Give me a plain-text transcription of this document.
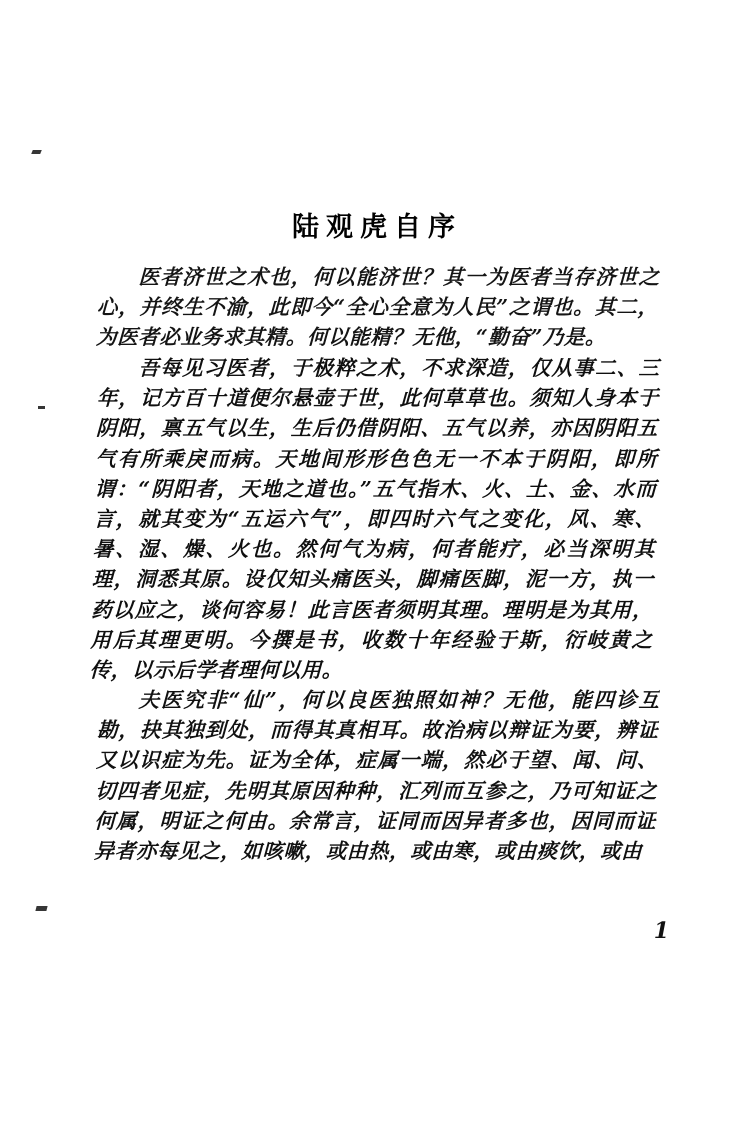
陆观虎自序

医者济世之术也，何以能济世？其一为医者当存济世之心，并终生不渝，此即今“全心全意为人民”之谓也。其二，为医者必业务求其精。何以能精？无他，“勤奋”乃是。

吾每见习医者，于极粹之术，不求深造，仅从事二、三年，记方百十道便尔悬壶于世，此何草草也。须知人身本于阴阳，禀五气以生，生后仍借阴阳、五气以养，亦因阴阳五气有所乘戾而病。天地间形形色色无一不本于阴阳，即所谓：“阴阳者，天地之道也。”五气指木、火、土、金、水而言，就其变为“五运六气”，即四时六气之变化，风、寒、暑、湿、燥、火也。然何气为病，何者能疗，必当深明其理，洞悉其原。设仅知头痛医头，脚痛医脚，泥一方，执一药以应之，谈何容易！此言医者须明其理。理明是为其用，用后其理更明。今撰是书，收数十年经验于斯，衍岐黄之传，以示后学者理何以用。

夫医究非“仙”，何以良医独照如神？无他，能四诊互勘，抉其独到处，而得其真相耳。故治病以辩证为要，辨证又以识症为先。证为全体，症属一端，然必于望、闻、问、切四者见症，先明其原因种种，汇列而互参之，乃可知证之何属，明证之何由。余常言，证同而因异者多也，因同而证异者亦每见之，如咳嗽，或由热，或由寒，或由痰饮，或由

1
